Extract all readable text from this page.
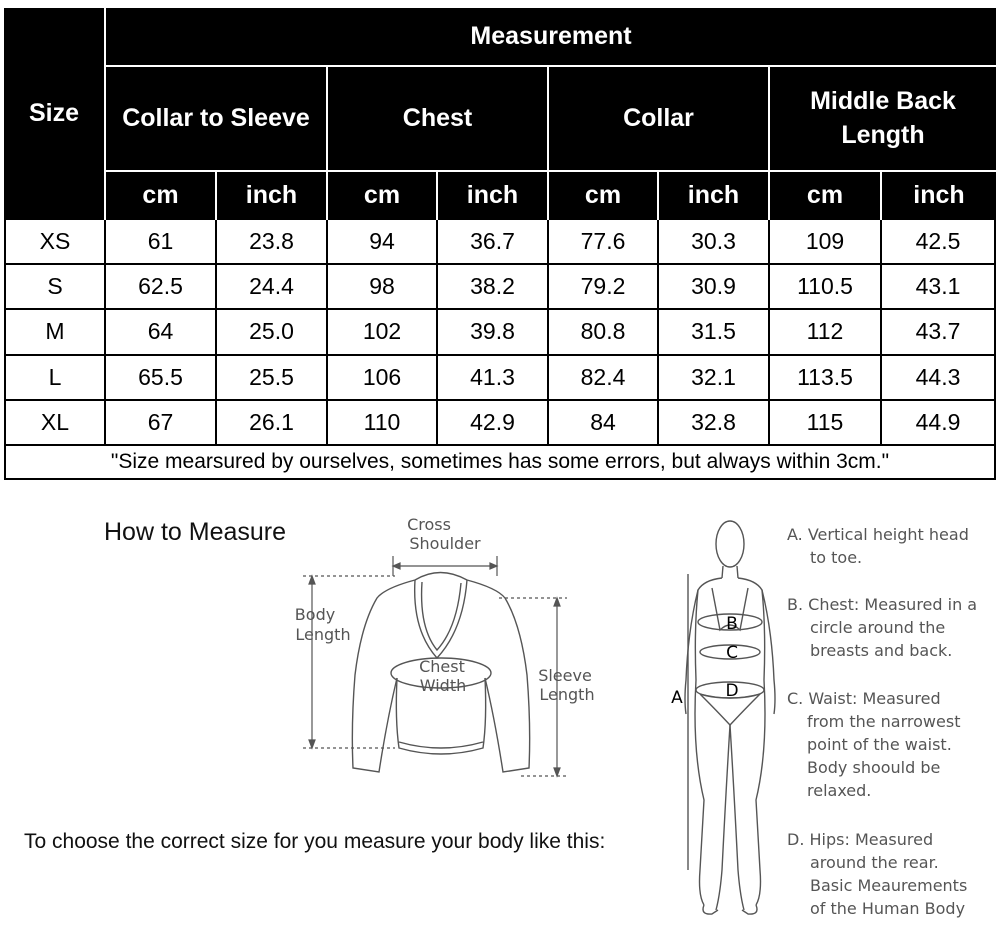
Size
Measurement
Collar to Sleeve	Chest	Collar
Middle Back Length
cm	inch	cm	inch	cm	inch	cm	inch
XS	61	23.8	94	36.7	77.6	30.3	109	42.5
S	62.5	24.4	98	38.2	79.2	30.9	110.5	43.1
M	64	25.0	102	39.8	80.8	31.5	112	43.7
L	65.5	25.5	106	41.3	82.4	32.1	113.5	44.3
XL	67	26.1	110	42.9	84	32.8	115	44.9
"Size mearsured by ourselves, sometimes has some errors, but always within 3cm."
How to Measure
To choose the correct size for you measure your body like this:
Cross
Shoulder
Body
Length
Chest
Width
Sleeve
Length	A
B
C
D
A. Vertical height head
to toe.
B. Chest: Measured in a
circle around the
breasts and back.
C. Waist: Measured
from the narrowest
point of the waist.
Body shoould be
relaxed.
D. Hips: Measured
around the rear.
Basic Meaurements
of the Human Body
